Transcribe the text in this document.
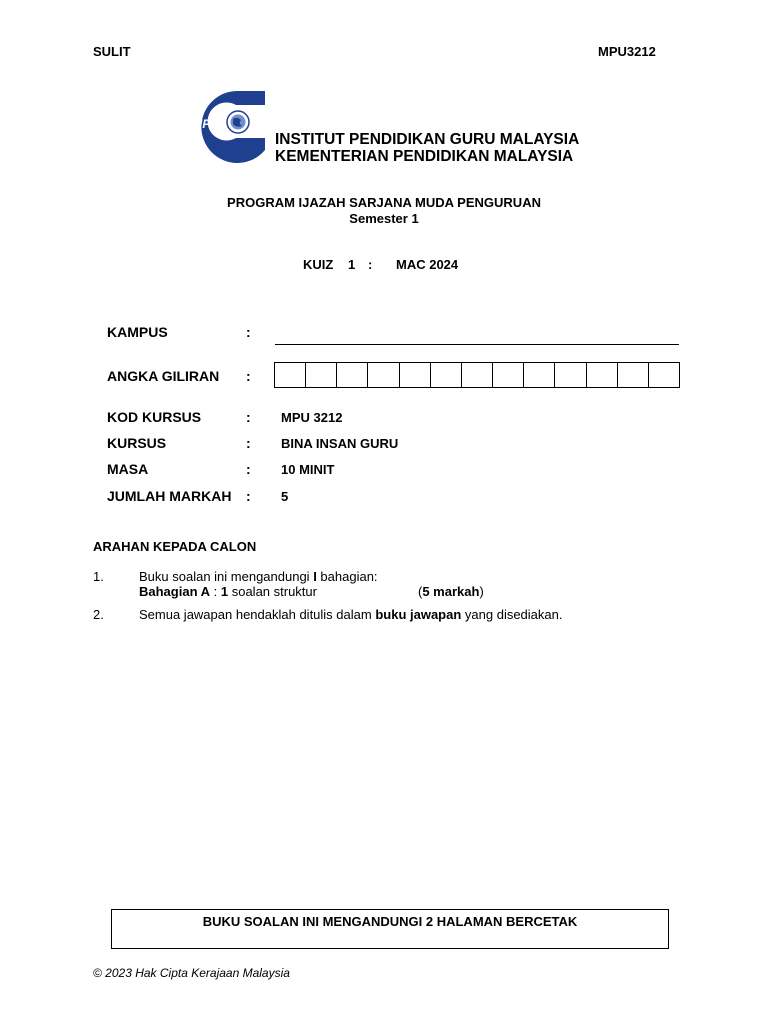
SULIT	MPU3212
IPG
INSTITUT PENDIDIKAN GURU MALAYSIA
KEMENTERIAN PENDIDIKAN MALAYSIA
PROGRAM IJAZAH SARJANA MUDA PENGURUAN
Semester 1
KUIZ 1 : MAC 2024
KAMPUS	:
ANGKA GILIRAN :
KOD KURSUS	: MPU 3212
KURSUS	: BINA INSAN GURU
MASA	: 10 MINIT
JUMLAH MARKAH : 5
ARAHAN KEPADA CALON
1.	Buku soalan ini mengandungi I bahagian:
Bahagian A : 1 soalan struktur	(5 markah)
2.	Semua jawapan hendaklah ditulis dalam buku jawapan yang disediakan.
BUKU SOALAN INI MENGANDUNGI 2 HALAMAN BERCETAK
© 2023 Hak Cipta Kerajaan Malaysia
